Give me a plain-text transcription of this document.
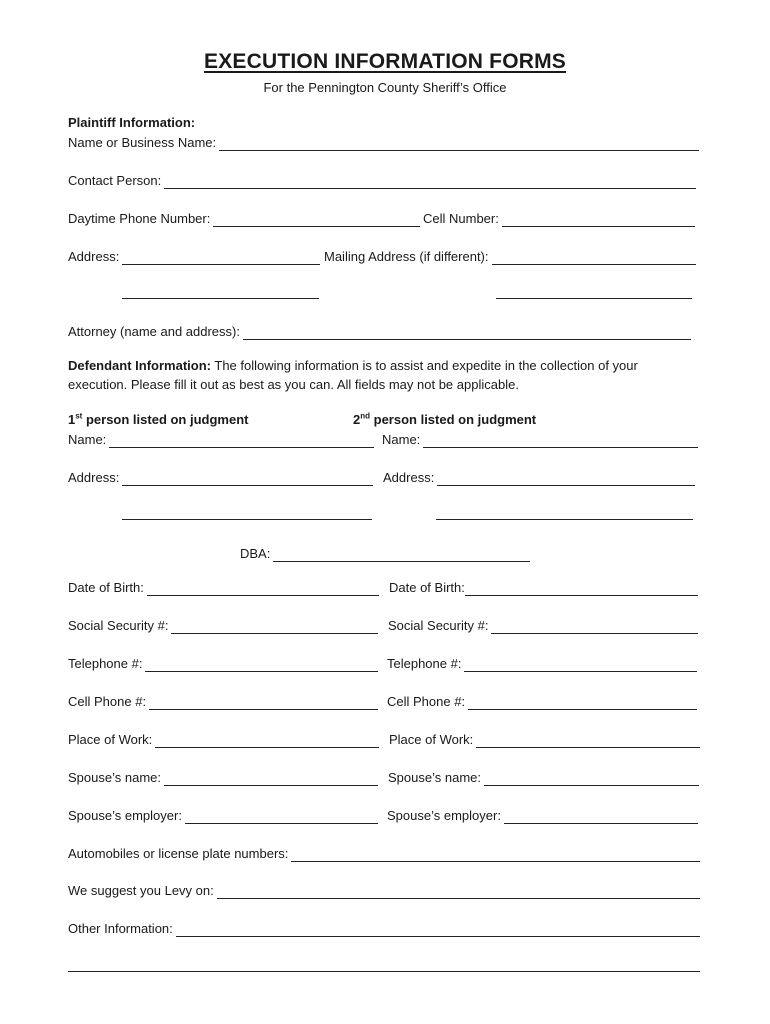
EXECUTION INFORMATION FORMS
For the Pennington County Sheriff’s Office
Plaintiff Information:
Name or Business Name:
Contact Person:
Daytime Phone Number:	Cell Number:
Address:	Mailing Address (if different):
Attorney (name and address):
Defendant Information: The following information is to assist and expedite in the collection of your
execution. Please fill it out as best as you can. All fields may not be applicable.
1st person listed on judgment	2nd person listed on judgment
Name:	Name:
Address:	Address:
DBA:
Date of Birth:	Date of Birth:
Social Security #:	Social Security #:
Telephone #:	Telephone #:
Cell Phone #:	Cell Phone #:
Place of Work:	Place of Work:
Spouse’s name:	Spouse’s name:
Spouse’s employer:	Spouse’s employer:
Automobiles or license plate numbers:
We suggest you Levy on:
Other Information:
